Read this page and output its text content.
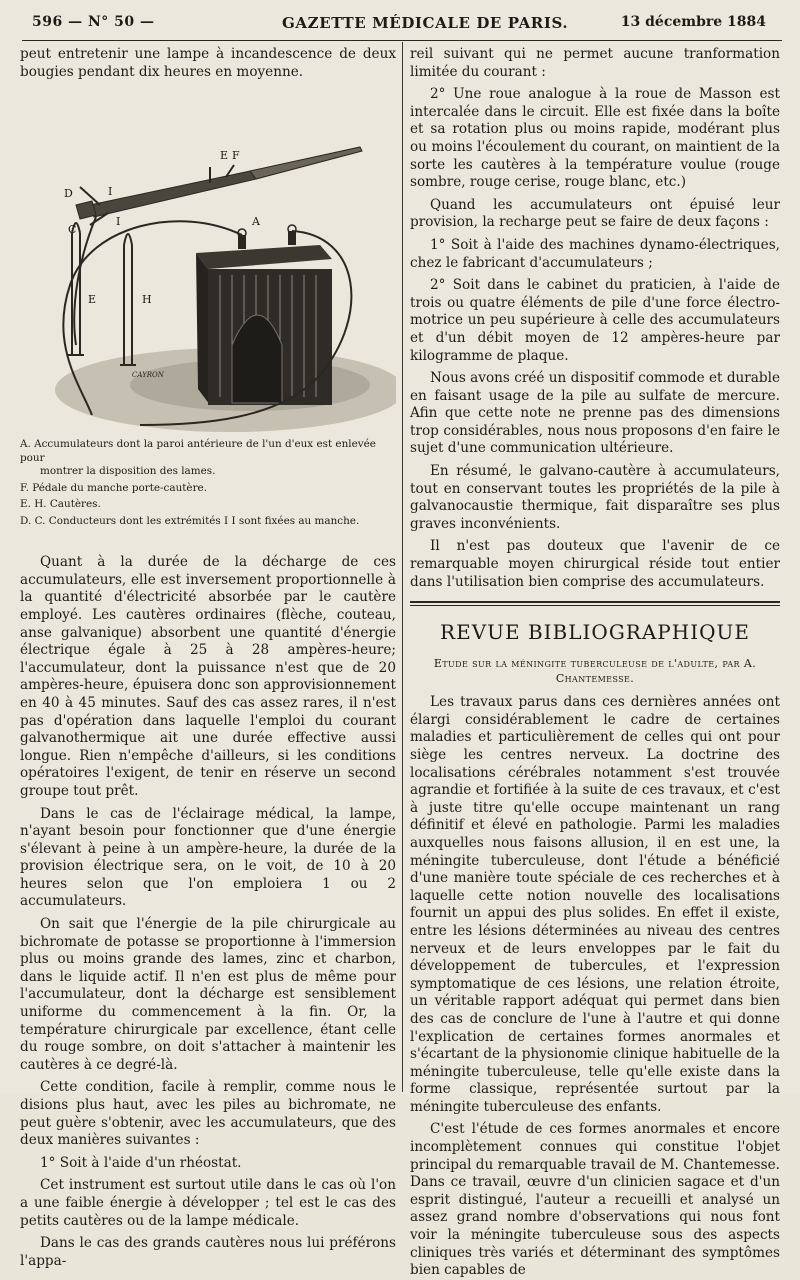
596 — N° 50 —	GAZETTE MÉDICALE DE PARIS.	13 décembre 1884

peut entretenir une lampe à incandescence de deux bougies pendant dix heures en moyenne.

A
E F
D
C
I
I
E	H
CAYRON

A. Accumulateurs dont la paroi antérieure de l'un d'eux est enlevée pour

montrer la disposition des lames.

F. Pédale du manche porte-cautère.

E. H. Cautères.

D. C. Conducteurs dont les extrémités I I sont fixées au manche.

Quant à la durée de la décharge de ces accumulateurs, elle est inversement proportionnelle à la quantité d'électricité absorbée par le cautère employé. Les cautères ordinaires (flèche, couteau, anse galvanique) absorbent une quantité d'énergie électrique égale à 25 à 28 ampères-heure; l'accumulateur, dont la puissance n'est que de 20 ampères-heure, épuisera donc son approvisionnement en 40 à 45 minutes. Sauf des cas assez rares, il n'est pas d'opération dans laquelle l'emploi du courant galvanothermique ait une durée effective aussi longue. Rien n'empêche d'ailleurs, si les conditions opératoires l'exigent, de tenir en réserve un second groupe tout prêt.

Dans le cas de l'éclairage médical, la lampe, n'ayant besoin pour fonctionner que d'une énergie s'élevant à peine à un ampère-heure, la durée de la provision électrique sera, on le voit, de 10 à 20 heures selon que l'on emploiera 1 ou 2 accumulateurs.

On sait que l'énergie de la pile chirurgicale au bichromate de potasse se proportionne à l'immersion plus ou moins grande des lames, zinc et charbon, dans le liquide actif. Il n'en est plus de même pour l'accumulateur, dont la décharge est sensiblement uniforme du commencement à la fin. Or, la température chirurgicale par excellence, étant celle du rouge sombre, on doit s'attacher à maintenir les cautères à ce degré-là.

Cette condition, facile à remplir, comme nous le disions plus haut, avec les piles au bichromate, ne peut guère s'obtenir, avec les accumulateurs, que des deux manières suivantes :

1° Soit à l'aide d'un rhéostat.

Cet instrument est surtout utile dans le cas où l'on a une faible énergie à développer ; tel est le cas des petits cautères ou de la lampe médicale.

Dans le cas des grands cautères nous lui préférons l'appa-

reil suivant qui ne permet aucune tranformation limitée du courant :

2° Une roue analogue à la roue de Masson est intercalée dans le circuit. Elle est fixée dans la boîte et sa rotation plus ou moins rapide, modérant plus ou moins l'écoulement du courant, on maintient de la sorte les cautères à la température voulue (rouge sombre, rouge cerise, rouge blanc, etc.)

Quand les accumulateurs ont épuisé leur provision, la recharge peut se faire de deux façons :

1° Soit à l'aide des machines dynamo-électriques, chez le fabricant d'accumulateurs ;

2° Soit dans le cabinet du praticien, à l'aide de trois ou quatre éléments de pile d'une force électro-motrice un peu supérieure à celle des accumulateurs et d'un débit moyen de 12 ampères-heure par kilogramme de plaque.

Nous avons créé un dispositif commode et durable en faisant usage de la pile au sulfate de mercure. Afin que cette note ne prenne pas des dimensions trop considérables, nous nous proposons d'en faire le sujet d'une communication ultérieure.

En résumé, le galvano-cautère à accumulateurs, tout en conservant toutes les propriétés de la pile à galvanocaustie thermique, fait disparaître ses plus graves inconvénients.

Il n'est pas douteux que l'avenir de ce remarquable moyen chirurgical réside tout entier dans l'utilisation bien comprise des accumulateurs.

REVUE BIBLIOGRAPHIQUE
Etude sur la méningite tuberculeuse de l'adulte, par A. Chantemesse.

Les travaux parus dans ces dernières années ont élargi considérablement le cadre de certaines maladies et particulièrement de celles qui ont pour siège les centres nerveux. La doctrine des localisations cérébrales notamment s'est trouvée agrandie et fortifiée à la suite de ces travaux, et c'est à juste titre qu'elle occupe maintenant un rang définitif et élevé en pathologie. Parmi les maladies auxquelles nous faisons allusion, il en est une, la méningite tuberculeuse, dont l'étude a bénéficié d'une manière toute spéciale de ces recherches et à laquelle cette notion nouvelle des localisations fournit un appui des plus solides. En effet il existe, entre les lésions déterminées au niveau des centres nerveux et de leurs enveloppes par le fait du développement de tubercules, et l'expression symptomatique de ces lésions, une relation étroite, un véritable rapport adéquat qui permet dans bien des cas de conclure de l'une à l'autre et qui donne l'explication de certaines formes anormales et s'écartant de la physionomie clinique habituelle de la méningite tuberculeuse, telle qu'elle existe dans la forme classique, représentée surtout par la méningite tuberculeuse des enfants.

C'est l'étude de ces formes anormales et encore incomplètement connues qui constitue l'objet principal du remarquable travail de M. Chantemesse. Dans ce travail, œuvre d'un clinicien sagace et d'un esprit distingué, l'auteur a recueilli et analysé un assez grand nombre d'observations qui nous font voir la méningite tuberculeuse sous des aspects cliniques très variés et déterminant des symptômes bien capables de
